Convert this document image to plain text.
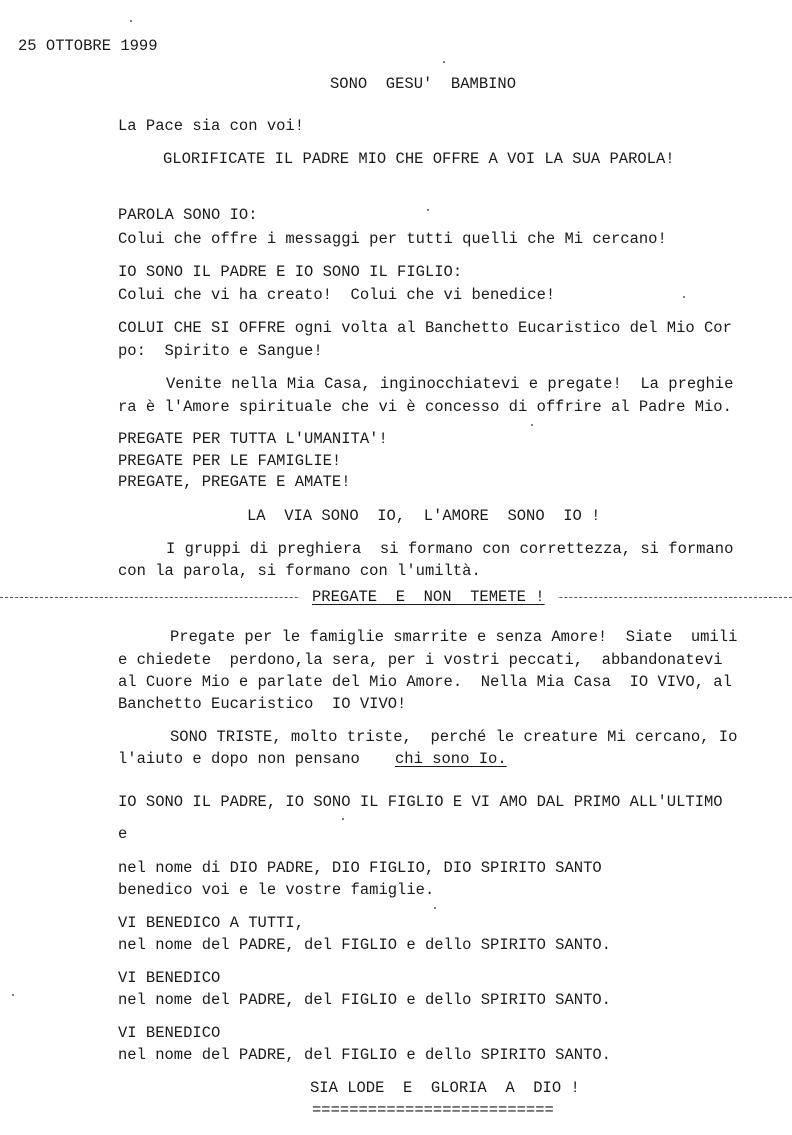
25 OTTOBRE 1999
SONO  GESU'  BAMBINO
La Pace sia con voi!
GLORIFICATE IL PADRE MIO CHE OFFRE A VOI LA SUA PAROLA!
PAROLA SONO IO:
Colui che offre i messaggi per tutti quelli che Mi cercano!
IO SONO IL PADRE E IO SONO IL FIGLIO:
Colui che vi ha creato!  Colui che vi benedice!
COLUI CHE SI OFFRE ogni volta al Banchetto Eucaristico del Mio Cor
po:  Spirito e Sangue!
Venite nella Mia Casa, inginocchiatevi e pregate!  La preghie
ra è l'Amore spirituale che vi è concesso di offrire al Padre Mio.
PREGATE PER TUTTA L'UMANITA'!
PREGATE PER LE FAMIGLIE!
PREGATE, PREGATE E AMATE!
LA  VIA SONO  IO,  L'AMORE  SONO  IO !
I gruppi di preghiera  si formano con correttezza, si formano
con la parola, si formano con l'umiltà.
PREGATE  E  NON  TEMETE !
Pregate per le famiglie smarrite e senza Amore!  Siate  umili
e chiedete  perdono,la sera, per i vostri peccati,  abbandonatevi
al Cuore Mio e parlate del Mio Amore.  Nella Mia Casa  IO VIVO, al
Banchetto Eucaristico  IO VIVO!
SONO TRISTE, molto triste,  perché le creature Mi cercano, Io
l'aiuto e dopo non pensano chi sono Io.
IO SONO IL PADRE, IO SONO IL FIGLIO E VI AMO DAL PRIMO ALL'ULTIMO
e
nel nome di DIO PADRE, DIO FIGLIO, DIO SPIRITO SANTO
benedico voi e le vostre famiglie.
VI BENEDICO A TUTTI,
nel nome del PADRE, del FIGLIO e dello SPIRITO SANTO.
VI BENEDICO
nel nome del PADRE, del FIGLIO e dello SPIRITO SANTO.
VI BENEDICO
nel nome del PADRE, del FIGLIO e dello SPIRITO SANTO.
SIA LODE  E  GLORIA  A  DIO !
==========================
